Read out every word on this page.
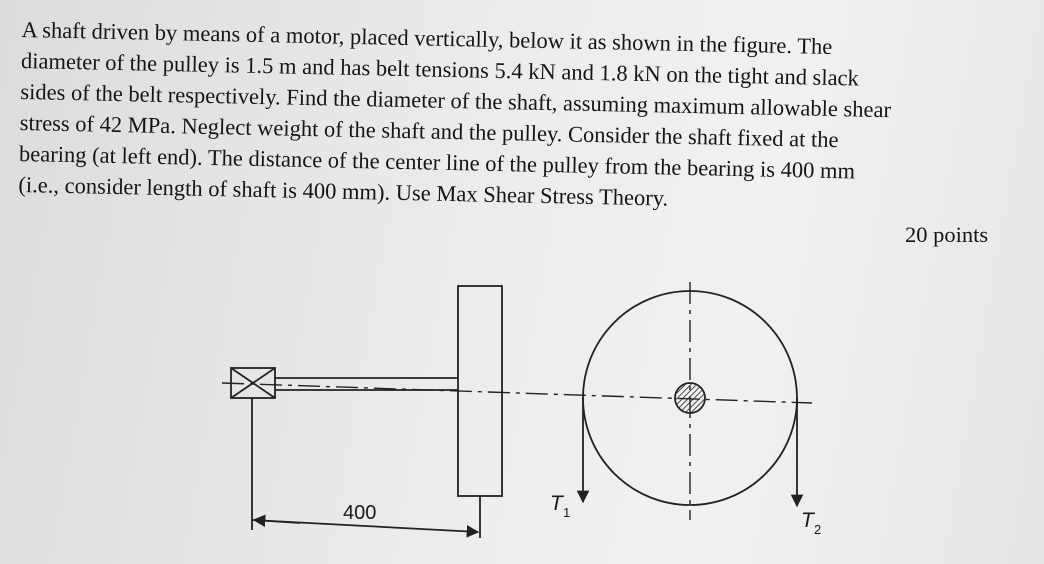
A shaft driven by means of a motor, placed vertically, below it as shown in the figure. The

diameter of the pulley is 1.5 m and has belt tensions 5.4 kN and 1.8 kN on the tight and slack

sides of the belt respectively. Find the diameter of the shaft, assuming maximum allowable shear

stress of 42 MPa. Neglect weight of the shaft and the pulley. Consider the shaft fixed at the

bearing (at left end). The distance of the center line of the pulley from the bearing is 400 mm

(i.e., consider length of shaft is 400 mm). Use Max Shear Stress Theory.

20 points
400	T 1	T 2
